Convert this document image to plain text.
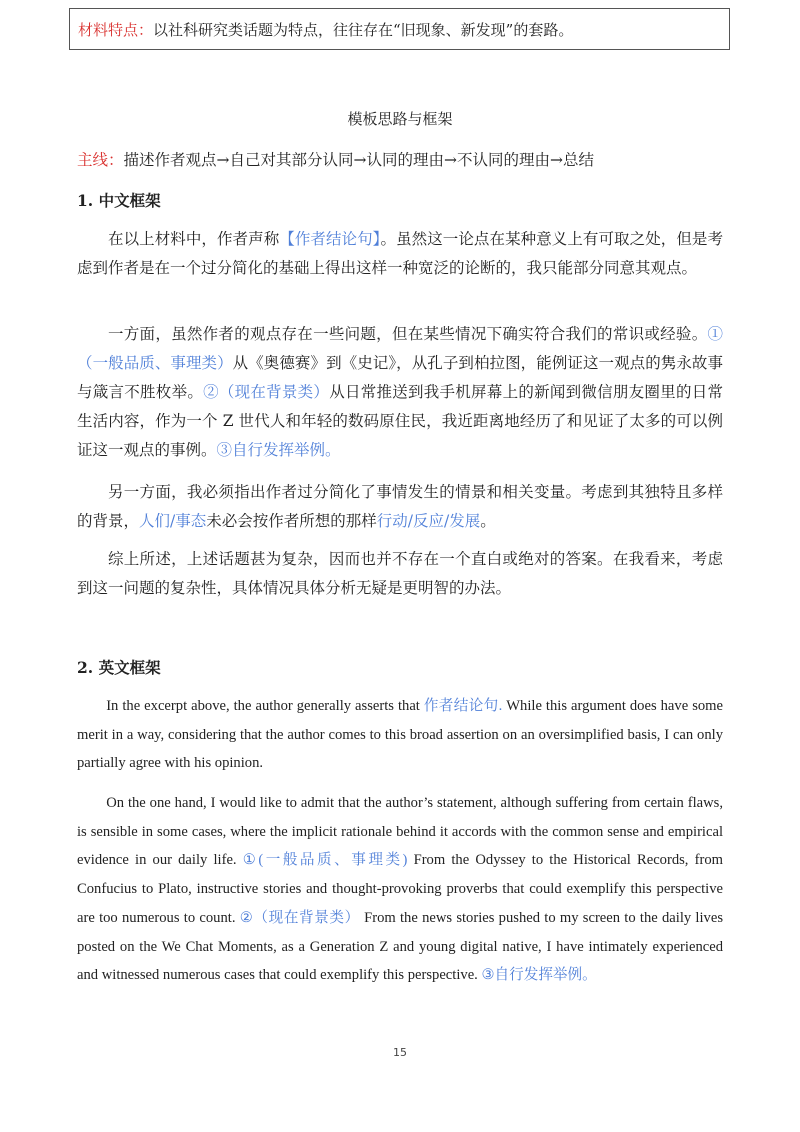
材料特点：以社科研究类话题为特点，往往存在“旧现象、新发现”的套路。
模板思路与框架
主线：描述作者观点→自己对其部分认同→认同的理由→不认同的理由→总结
1. 中文框架
在以上材料中，作者声称【作者结论句】。虽然这一论点在某种意义上有可取之处，但是考虑到作者是在一个过分简化的基础上得出这样一种宽泛的论断的，我只能部分同意其观点。
一方面，虽然作者的观点存在一些问题，但在某些情况下确实符合我们的常识或经验。①（一般品质、事理类）从《奥德赛》到《史记》，从孔子到柏拉图，能例证这一观点的隽永故事与箴言不胜枚举。②（现在背景类）从日常推送到我手机屏幕上的新闻到微信朋友圈里的日常生活内容，作为一个 Z 世代人和年轻的数码原住民，我近距离地经历了和见证了太多的可以例证这一观点的事例。③自行发挥举例。
另一方面，我必须指出作者过分简化了事情发生的情景和相关变量。考虑到其独特且多样的背景，人们/事态未必会按作者所想的那样行动/反应/发展。
综上所述，上述话题甚为复杂，因而也并不存在一个直白或绝对的答案。在我看来，考虑到这一问题的复杂性，具体情况具体分析无疑是更明智的办法。
2. 英文框架
In the excerpt above, the author generally asserts that 作者结论句. While this argument does have some merit in a way, considering that the author comes to this broad assertion on an oversimplified basis, I can only partially agree with his opinion.
On the one hand, I would like to admit that the author’s statement, although suffering from certain flaws, is sensible in some cases, where the implicit rationale behind it accords with the common sense and empirical evidence in our daily life. ①(一般品质、事理类) From the Odyssey to the Historical Records, from Confucius to Plato, instructive stories and thought-provoking proverbs that could exemplify this perspective are too numerous to count. ②（现在背景类） From the news stories pushed to my screen to the daily lives posted on the We Chat Moments, as a Generation Z and young digital native, I have intimately experienced and witnessed numerous cases that could exemplify this perspective. ③自行发挥举例。
15
